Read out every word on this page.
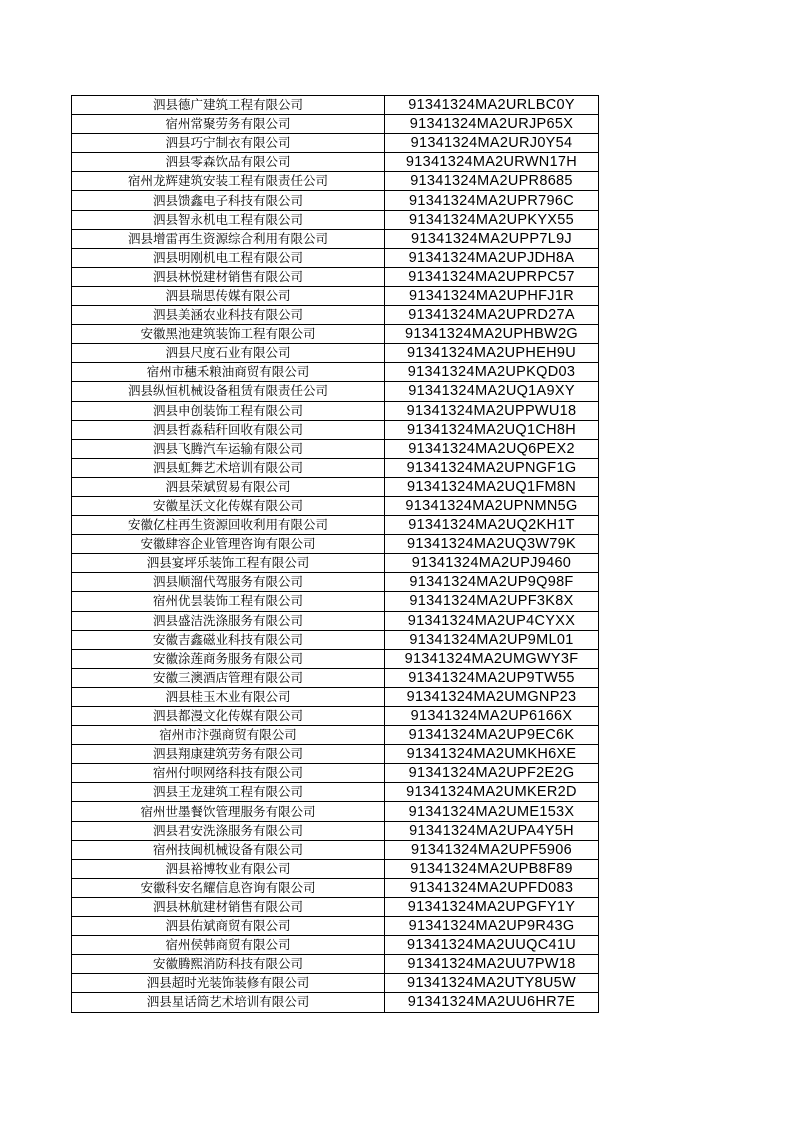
泗县德广建筑工程有限公司	91341324MA2URLBC0Y
宿州常聚劳务有限公司	91341324MA2URJP65X
泗县巧宁制衣有限公司	91341324MA2URJ0Y54
泗县零森饮品有限公司	91341324MA2URWN17H
宿州龙辉建筑安装工程有限责任公司	91341324MA2UPR8685
泗县馈鑫电子科技有限公司	91341324MA2UPR796C
泗县智永机电工程有限公司	91341324MA2UPKYX55
泗县增雷再生资源综合利用有限公司	91341324MA2UPP7L9J
泗县明刚机电工程有限公司	91341324MA2UPJDH8A
泗县林悦建材销售有限公司	91341324MA2UPRPC57
泗县瑞思传媒有限公司	91341324MA2UPHFJ1R
泗县美涵农业科技有限公司	91341324MA2UPRD27A
安徽黑池建筑装饰工程有限公司	91341324MA2UPHBW2G
泗县尺度石业有限公司	91341324MA2UPHEH9U
宿州市穗禾粮油商贸有限公司	91341324MA2UPKQD03
泗县纵恒机械设备租赁有限责任公司	91341324MA2UQ1A9XY
泗县申创装饰工程有限公司	91341324MA2UPPWU18
泗县哲淼秸秆回收有限公司	91341324MA2UQ1CH8H
泗县飞腾汽车运输有限公司	91341324MA2UQ6PEX2
泗县虹舞艺术培训有限公司	91341324MA2UPNGF1G
泗县荣斌贸易有限公司	91341324MA2UQ1FM8N
安徽星沃文化传媒有限公司	91341324MA2UPNMN5G
安徽亿柱再生资源回收利用有限公司	91341324MA2UQ2KH1T
安徽肆容企业管理咨询有限公司	91341324MA2UQ3W79K
泗县宴坪乐装饰工程有限公司	91341324MA2UPJ9460
泗县顺溜代驾服务有限公司	91341324MA2UP9Q98F
宿州优昙装饰工程有限公司	91341324MA2UPF3K8X
泗县盛洁洗涤服务有限公司	91341324MA2UP4CYXX
安徽吉鑫磁业科技有限公司	91341324MA2UP9ML01
安徽涂莲商务服务有限公司	91341324MA2UMGWY3F
安徽三澳酒店管理有限公司	91341324MA2UP9TW55
泗县桂玉木业有限公司	91341324MA2UMGNP23
泗县都漫文化传媒有限公司	91341324MA2UP6166X
宿州市汴强商贸有限公司	91341324MA2UP9EC6K
泗县翔康建筑劳务有限公司	91341324MA2UMKH6XE
宿州付呗网络科技有限公司	91341324MA2UPF2E2G
泗县王龙建筑工程有限公司	91341324MA2UMKER2D
宿州世墨餐饮管理服务有限公司	91341324MA2UME153X
泗县君安洗涤服务有限公司	91341324MA2UPA4Y5H
宿州技闽机械设备有限公司	91341324MA2UPF5906
泗县裕博牧业有限公司	91341324MA2UPB8F89
安徽科安名耀信息咨询有限公司	91341324MA2UPFD083
泗县林航建材销售有限公司	91341324MA2UPGFY1Y
泗县佑斌商贸有限公司	91341324MA2UP9R43G
宿州侯韩商贸有限公司	91341324MA2UUQC41U
安徽腾熙消防科技有限公司	91341324MA2UU7PW18
泗县超时光装饰装修有限公司	91341324MA2UTY8U5W
泗县星话筒艺术培训有限公司	91341324MA2UU6HR7E
